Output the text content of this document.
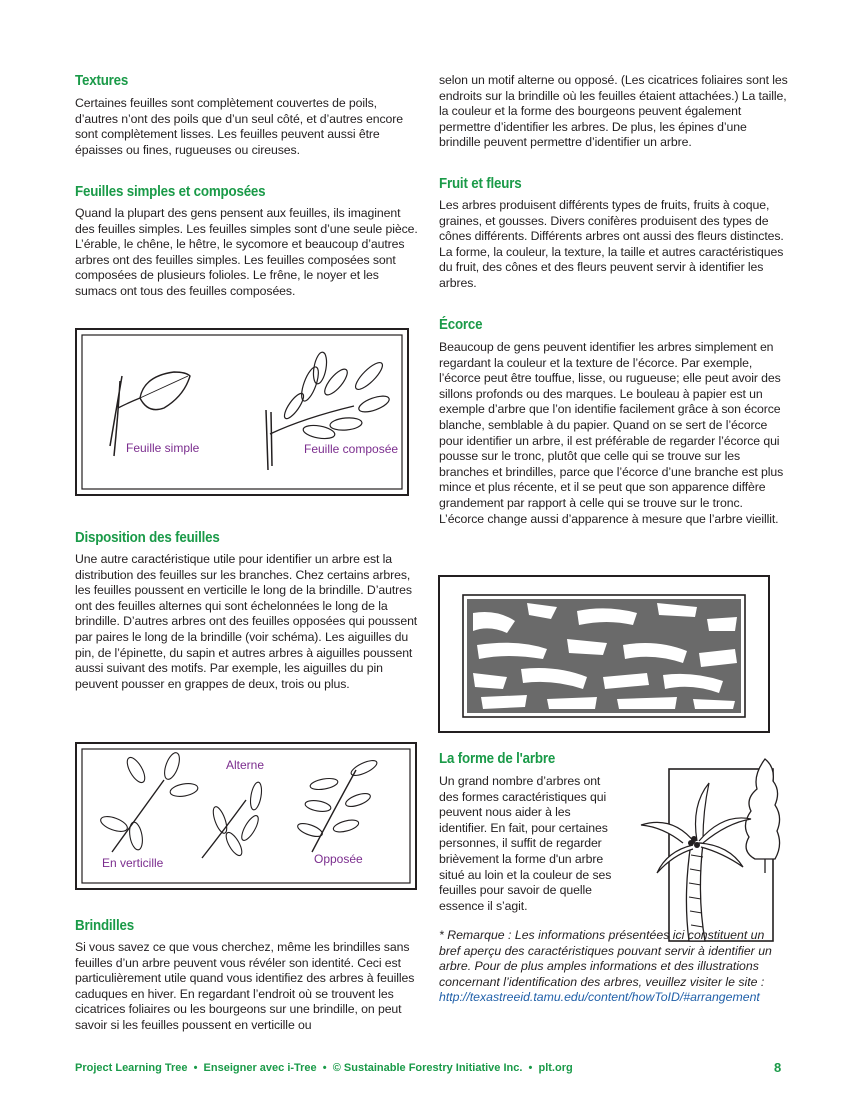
Textures
Certaines feuilles sont complètement couvertes de poils, d’autres n’ont des poils que d’un seul côté, et d’autres encore sont complètement lisses. Les feuilles peuvent aussi être épaisses ou fines, rugueuses ou cireuses.
Feuilles simples et composées
Quand la plupart des gens pensent aux feuilles, ils imaginent des feuilles simples. Les feuilles simples sont d’une seule pièce. L’érable, le chêne, le hêtre, le sycomore et beaucoup d’autres arbres ont des feuilles simples. Les feuilles composées sont composées de plusieurs folioles. Le frêne, le noyer et les sumacs ont tous des feuilles composées.
Feuille simple	Feuille composée
Disposition des feuilles
Une autre caractéristique utile pour identifier un arbre est la distribution des feuilles sur les branches. Chez certains arbres, les feuilles poussent en verticille le long de la brindille. D’autres ont des feuilles alternes qui sont échelonnées le long de la brindille. D’autres arbres ont des feuilles opposées qui poussent par paires le long de la brindille (voir schéma). Les aiguilles du pin, de l’épinette, du sapin et autres arbres à aiguilles poussent aussi suivant des motifs. Par exemple, les aiguilles du pin peuvent pousser en grappes de deux, trois ou plus.
Alterne
En verticille	Opposée
Brindilles
Si vous savez ce que vous cherchez, même les brindilles sans feuilles d’un arbre peuvent vous révéler son identité. Ceci est particulièrement utile quand vous identifiez des arbres à feuilles caduques en hiver. En regardant l’endroit où se trouvent les cicatrices foliaires ou les bourgeons sur une brindille, on peut savoir si les feuilles poussent en verticille ou
selon un motif alterne ou opposé. (Les cicatrices foliaires sont les endroits sur la brindille où les feuilles étaient attachées.) La taille, la couleur et la forme des bourgeons peuvent également permettre d’identifier les arbres. De plus, les épines d’une brindille peuvent permettre d’identifier un arbre.
Fruit et fleurs
Les arbres produisent différents types de fruits, fruits à coque, graines, et gousses. Divers conifères produisent des types de cônes différents. Différents arbres ont aussi des fleurs distinctes. La forme, la couleur, la texture, la taille et autres caractéristiques du fruit, des cônes et des fleurs peuvent servir à identifier les arbres.
Écorce
Beaucoup de gens peuvent identifier les arbres simplement en regardant la couleur et la texture de l’écorce. Par exemple, l’écorce peut être touffue, lisse, ou rugueuse; elle peut avoir des sillons profonds ou des marques. Le bouleau à papier est un exemple d’arbre que l’on identifie facilement grâce à son écorce blanche, semblable à du papier. Quand on se sert de l’écorce pour identifier un arbre, il est préférable de regarder l’écorce qui pousse sur le tronc, plutôt que celle qui se trouve sur les branches et brindilles, parce que l’écorce d’une branche est plus mince et plus récente, et il se peut que son apparence diffère grandement par rapport à celle qui se trouve sur le tronc. L’écorce change aussi d’apparence à mesure que l’arbre vieillit.
La forme de l'arbre
Un grand nombre d’arbres ont des formes caractéristiques qui peuvent nous aider à les identifier. En fait, pour certaines personnes, il suffit de regarder brièvement la forme d'un arbre situé au loin et la couleur de ses feuilles pour savoir de quelle essence il s’agit.
* Remarque : Les informations présentées ici constituent un bref aperçu des caractéristiques pouvant servir à identifier un arbre. Pour de plus amples informations et des illustrations concernant l’identification des arbres, veuillez visiter le site : http://texastreeid.tamu.edu/content/howToID/#arrangement
Project Learning Tree  •  Enseigner avec i-Tree  •  © Sustainable Forestry Initiative Inc.  •  plt.org	8
